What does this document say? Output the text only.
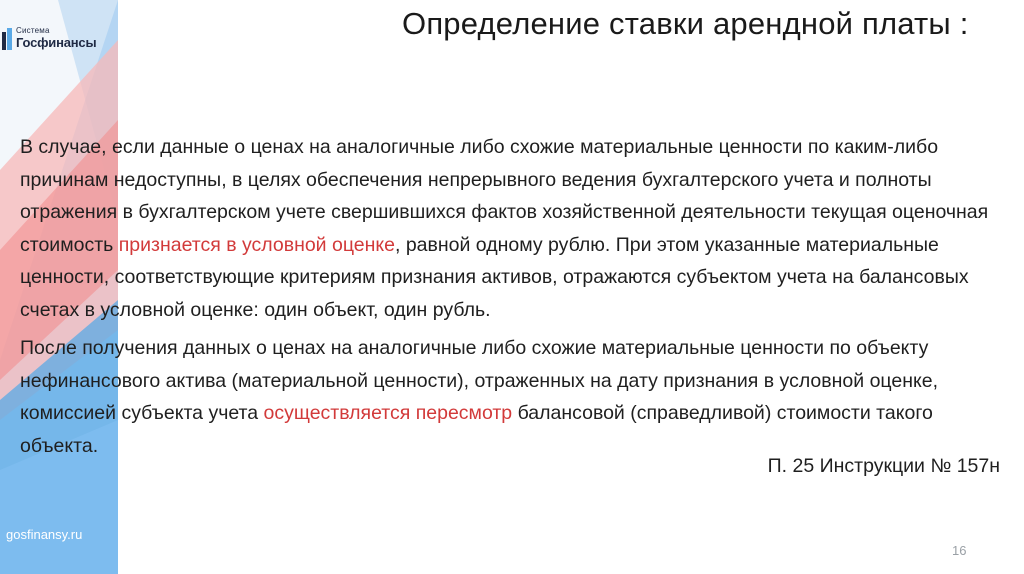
Система
Госфинансы
Определение ставки арендной платы :

В случае, если данные о ценах на аналогичные либо схожие материальные ценности по каким-либо причинам недоступны, в целях обеспечения непрерывного ведения бухгалтерского учета и полноты отражения в бухгалтерском учете свершившихся фактов хозяйственной деятельности текущая оценочная стоимость признается в условной оценке, равной одному рублю. При этом указанные материальные ценности, соответствующие критериям признания активов, отражаются субъектом учета на балансовых счетах в условной оценке: один объект, один рубль.

После получения данных о ценах на аналогичные либо схожие материальные ценности по объекту нефинансового актива (материальной ценности), отраженных на дату признания в условной оценке, комиссией субъекта учета осуществляется пересмотр балансовой (справедливой) стоимости такого объекта.

П. 25 Инструкции № 157н
gosfinansy.ru
16
